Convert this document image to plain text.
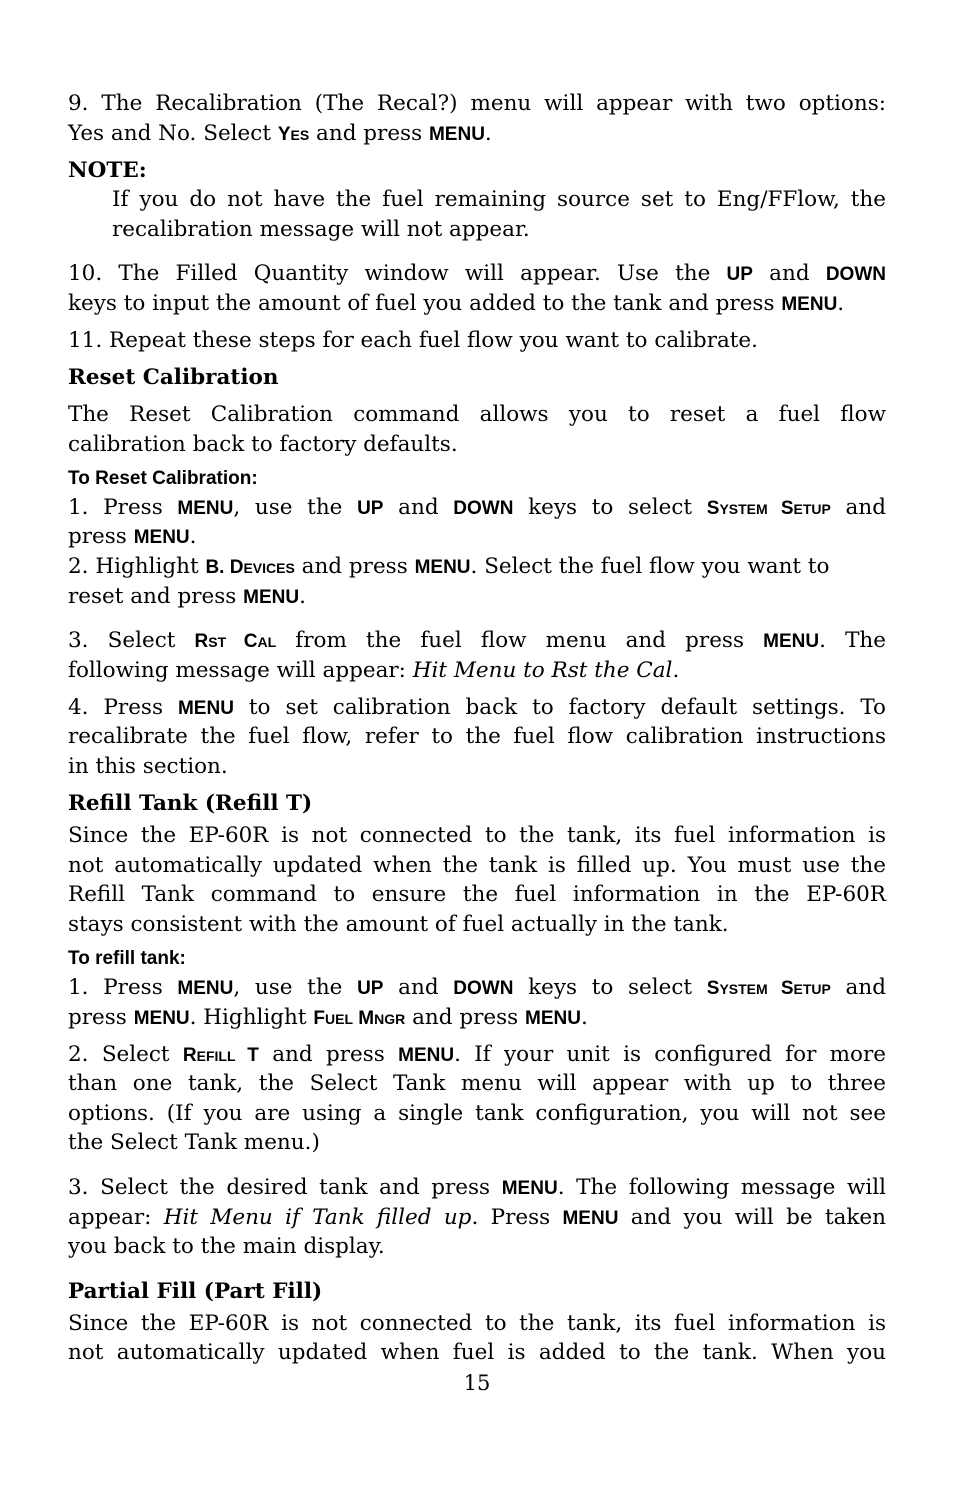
9. The Recalibration (The Recal?) menu will appear with two options:
Yes and No. Select YES and press MENU.
NOTE:
If you do not have the fuel remaining source set to Eng/FFlow, the
recalibration message will not appear.
10. The Filled Quantity window will appear. Use the UP and DOWN
keys to input the amount of fuel you added to the tank and press MENU.
11. Repeat these steps for each fuel flow you want to calibrate.
Reset Calibration
The Reset Calibration command allows you to reset a fuel flow
calibration back to factory defaults.
To Reset Calibration:
1. Press MENU, use the UP and DOWN keys to select SYSTEM SETUP and
press MENU.
2. Highlight B. DEVICES and press MENU. Select the fuel flow you want to
reset and press MENU.
3. Select RST CAL from the fuel flow menu and press MENU. The
following message will appear: Hit Menu to Rst the Cal.
4. Press MENU to set calibration back to factory default settings. To
recalibrate the fuel flow, refer to the fuel flow calibration instructions
in this section.
Refill Tank (Refill T)
Since the EP-60R is not connected to the tank, its fuel information is
not automatically updated when the tank is filled up. You must use the
Refill Tank command to ensure the fuel information in the EP-60R
stays consistent with the amount of fuel actually in the tank.
To refill tank:
1. Press MENU, use the UP and DOWN keys to select SYSTEM SETUP and
press MENU. Highlight FUEL MNGR and press MENU.
2. Select REFILL T and press MENU. If your unit is configured for more
than one tank, the Select Tank menu will appear with up to three
options. (If you are using a single tank configuration, you will not see
the Select Tank menu.)
3. Select the desired tank and press MENU. The following message will
appear: Hit Menu if Tank filled up. Press MENU and you will be taken
you back to the main display.
Partial Fill (Part Fill)
Since the EP-60R is not connected to the tank, its fuel information is
not automatically updated when fuel is added to the tank. When you
15
